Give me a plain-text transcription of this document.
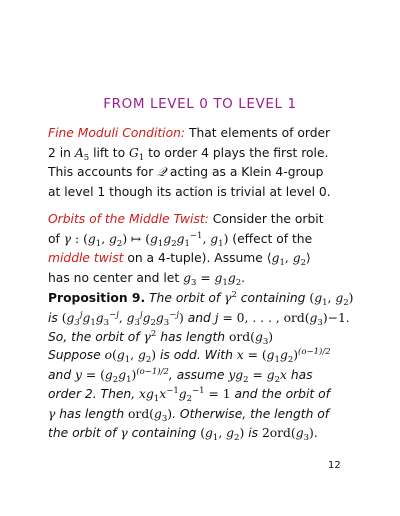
FROM LEVEL 0 TO LEVEL 1
Fine Moduli Condition: That elements of order
2 in $A_5$ lift to $G_1$ to order 4 plays the first role.
This accounts for 𝒬 acting as a Klein 4-group
at level 1 though its action is trivial at level 0.
Orbits of the Middle Twist: Consider the orbit
of γ : ($g_1$, $g_2$) ↦ ($g_1g_2g_1^{-1}$, $g_1$) (effect of the
middle twist on a 4-tuple). Assume $⟨g_1$, $g_2⟩$
has no center and let $g_3 = g_1g_2$.
Proposition 9. The orbit of $\gamma^2$ containing ($g_1$, $g_2$)
is ($g_3^jg_1g_3^{-j}$, $g_3^jg_2g_3^{-j}$) and j = 0, . . . , $ord(g_3)-1$.
So, the orbit of $\gamma^2$ has length $ord(g_3)$
Suppose $o(g_1$, $g_2$) is odd. With $x = (g_1g_2)^{(o-1)/2}$
and $y = (g_2g_1)^{(o-1)/2}$, assume $yg_2 = g_2x$ has
order 2. Then, $xg_1x^{-1}g_2^{-1} = 1$ and the orbit of
γ has length $ord(g_3)$. Otherwise, the length of
the orbit of γ containing ($g_1$, $g_2$) is $2ord(g_3)$.
12
